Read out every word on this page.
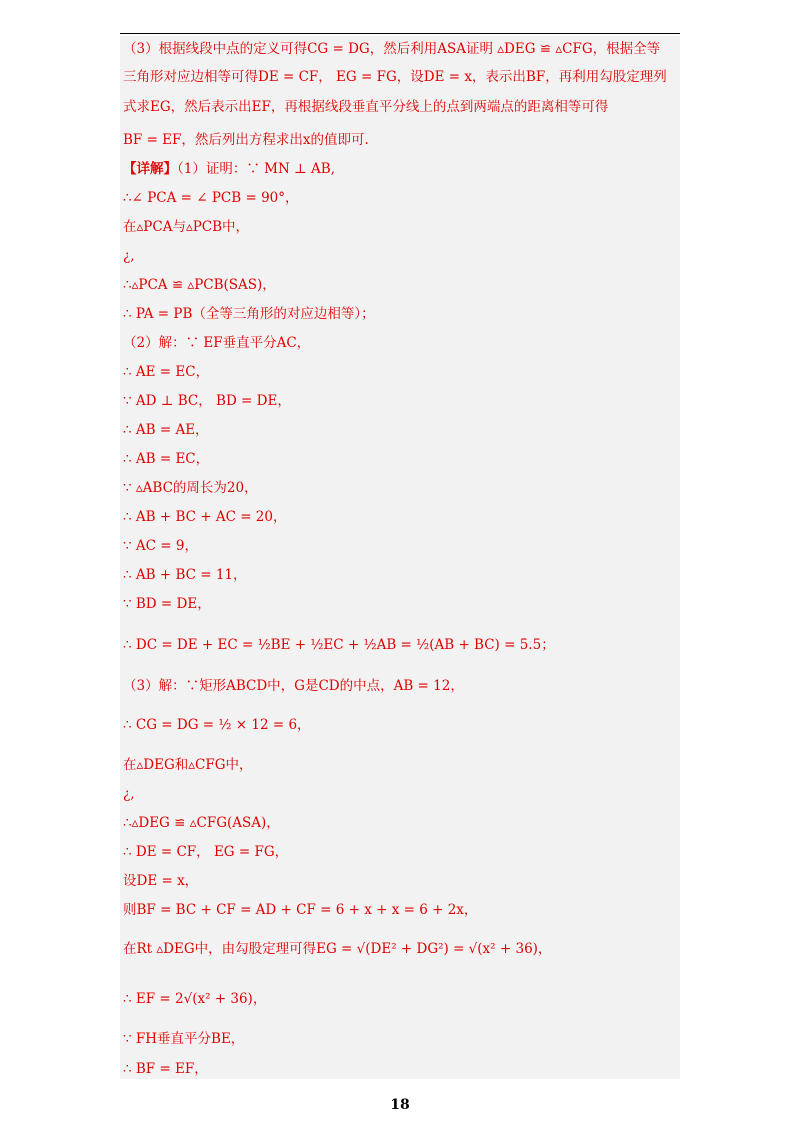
（3）根据线段中点的定义可得CG = DG，然后利用ASA证明 ▵DEG ≌ ▵CFG，根据全等
三角形对应边相等可得DE = CF， EG = FG，设DE = x，表示出BF，再利用勾股定理列
式求EG，然后表示出EF，再根据线段垂直平分线上的点到两端点的距离相等可得
BF = EF，然后列出方程求出x的值即可.
【详解】（1）证明：∵ MN ⊥ AB,
∴∠ PCA = ∠ PCB = 90°，
在▵PCA与▵PCB中，
¿,
∴▵PCA ≌ ▵PCB(SAS)，
∴ PA = PB（全等三角形的对应边相等）；
（2）解：∵ EF垂直平分AC，
∴ AE = EC，
∵ AD ⊥ BC， BD = DE，
∴ AB = AE，
∴ AB = EC，
∵ ▵ABC的周长为20，
∴ AB + BC + AC = 20，
∵ AC = 9，
∴ AB + BC = 11，
∵ BD = DE，
∴ DC = DE + EC = ½BE + ½EC + ½AB = ½(AB + BC) = 5.5；
（3）解：∵矩形ABCD中，G是CD的中点，AB = 12，
∴ CG = DG = ½ × 12 = 6，
在▵DEG和▵CFG中，
¿,
∴▵DEG ≌ ▵CFG(ASA)，
∴ DE = CF， EG = FG，
设DE = x，
则BF = BC + CF = AD + CF = 6 + x + x = 6 + 2x，
在Rt ▵DEG中，由勾股定理可得EG = √(DE² + DG²) = √(x² + 36)，
∴ EF = 2√(x² + 36)，
∵ FH垂直平分BE，
∴ BF = EF，
18
